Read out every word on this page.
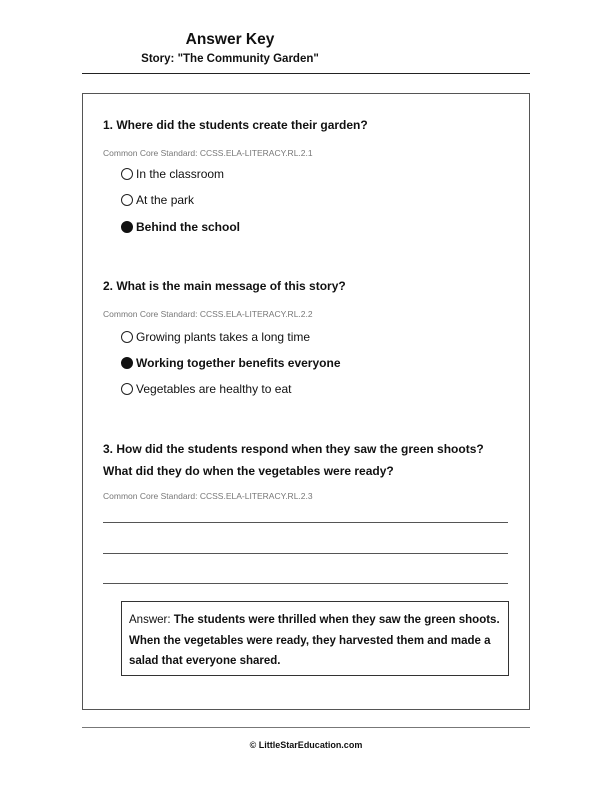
Answer Key
Story: "The Community Garden"
1. Where did the students create their garden?
Common Core Standard: CCSS.ELA-LITERACY.RL.2.1
In the classroom
At the park
Behind the school
2. What is the main message of this story?
Common Core Standard: CCSS.ELA-LITERACY.RL.2.2
Growing plants takes a long time
Working together benefits everyone
Vegetables are healthy to eat
3. How did the students respond when they saw the green shoots?
What did they do when the vegetables were ready?
Common Core Standard: CCSS.ELA-LITERACY.RL.2.3
Answer: The students were thrilled when they saw the green shoots. When the vegetables were ready, they harvested them and made a salad that everyone shared.
© LittleStarEducation.com
